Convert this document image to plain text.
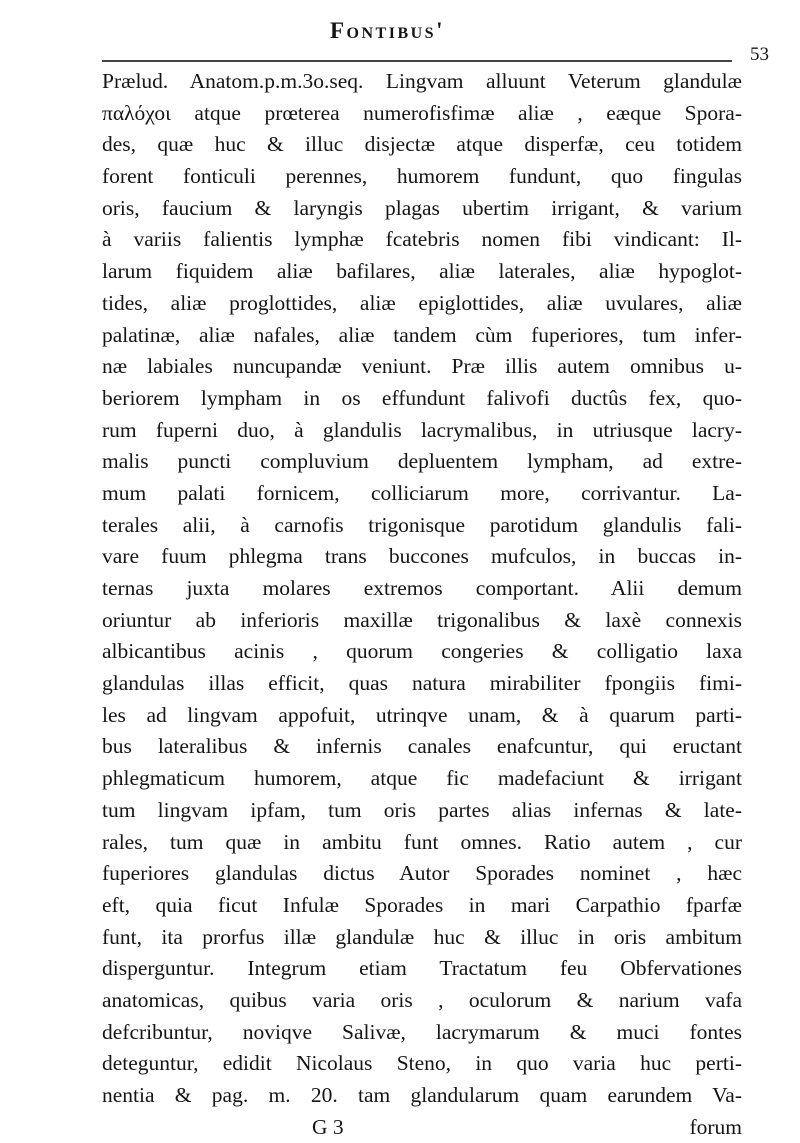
Fontibus'
53
Prælud. Anatom.p.m.3o.seq. Lingvam alluunt Veterum glandulæ
παλόχοι atque prœterea numerofisfimæ aliæ , eæque Spora-
des, quæ huc & illuc disjectæ atque disperfæ, ceu totidem
forent fonticuli perennes, humorem fundunt, quo fingulas
oris, faucium & laryngis plagas ubertim irrigant, & varium
à variis falientis lymphæ fcatebris nomen fibi vindicant: Il-
larum fiquidem aliæ bafilares, aliæ laterales, aliæ hypoglot-
tides, aliæ proglottides, aliæ epiglottides, aliæ uvulares, aliæ
palatinæ, aliæ nafales, aliæ tandem cùm fuperiores, tum infer-
næ labiales nuncupandæ veniunt. Præ illis autem omnibus u-
beriorem lympham in os effundunt falivofi ductûs fex, quo-
rum fuperni duo, à glandulis lacrymalibus, in utriusque lacry-
malis puncti compluvium depluentem lympham, ad extre-
mum palati fornicem, colliciarum more, corrivantur. La-
terales alii, à carnofis trigonisque parotidum glandulis fali-
vare fuum phlegma trans buccones mufculos, in buccas in-
ternas juxta molares extremos comportant. Alii demum
oriuntur ab inferioris maxillæ trigonalibus & laxè connexis
albicantibus acinis , quorum congeries & colligatio laxa
glandulas illas efficit, quas natura mirabiliter fpongiis fimi-
les ad lingvam appofuit, utrinqve unam, & à quarum parti-
bus lateralibus & infernis canales enafcuntur, qui eructant
phlegmaticum humorem, atque fic madefaciunt & irrigant
tum lingvam ipfam, tum oris partes alias infernas & late-
rales, tum quæ in ambitu funt omnes. Ratio autem , cur
fuperiores glandulas dictus Autor Sporades nominet , hæc
eft, quia ficut Infulæ Sporades in mari Carpathio fparfæ
funt, ita prorfus illæ glandulæ huc & illuc in oris ambitum
disperguntur. Integrum etiam Tractatum feu Obfervationes
anatomicas, quibus varia oris , oculorum & narium vafa
defcribuntur, noviqve Salivæ, lacrymarum & muci fontes
deteguntur, edidit Nicolaus Steno, in quo varia huc perti-
nentia & pag. m. 20. tam glandularum quam earundem Va-
G 3	forum
